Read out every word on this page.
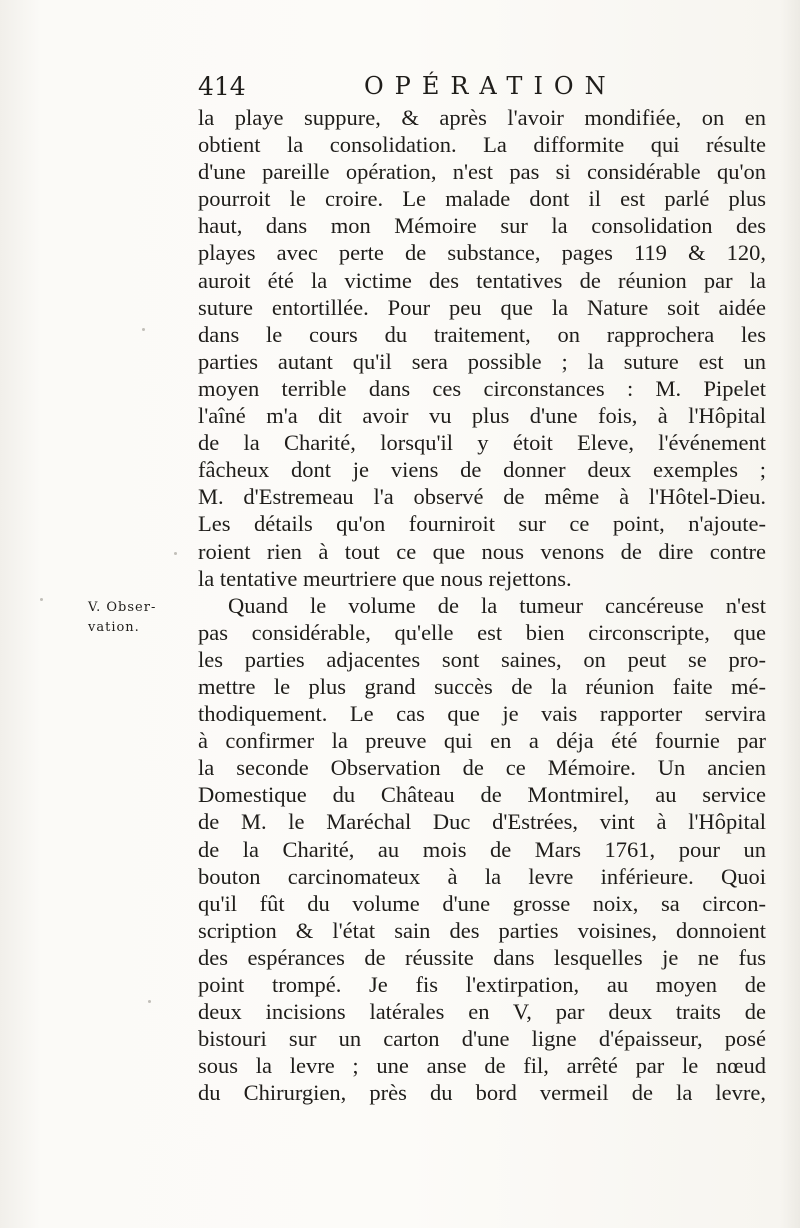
414	OPÉRATION
V. Obser-
vation.
la playe suppure, & après l'avoir mondifiée, on en
obtient la consolidation. La difformite qui résulte
d'une pareille opération, n'est pas si considérable qu'on
pourroit le croire. Le malade dont il est parlé plus
haut, dans mon Mémoire sur la consolidation des
playes avec perte de substance, pages 119 & 120,
auroit été la victime des tentatives de réunion par la
suture entortillée. Pour peu que la Nature soit aidée
dans le cours du traitement, on rapprochera les
parties autant qu'il sera possible ; la suture est un
moyen terrible dans ces circonstances : M. Pipelet
l'aîné m'a dit avoir vu plus d'une fois, à l'Hôpital
de la Charité, lorsqu'il y étoit Eleve, l'événement
fâcheux dont je viens de donner deux exemples ;
M. d'Estremeau l'a observé de même à l'Hôtel-Dieu.
Les détails qu'on fourniroit sur ce point, n'ajoute-
roient rien à tout ce que nous venons de dire contre
la tentative meurtriere que nous rejettons.
Quand le volume de la tumeur cancéreuse n'est
pas considérable, qu'elle est bien circonscripte, que
les parties adjacentes sont saines, on peut se pro-
mettre le plus grand succès de la réunion faite mé-
thodiquement. Le cas que je vais rapporter servira
à confirmer la preuve qui en a déja été fournie par
la seconde Observation de ce Mémoire. Un ancien
Domestique du Château de Montmirel, au service
de M. le Maréchal Duc d'Estrées, vint à l'Hôpital
de la Charité, au mois de Mars 1761, pour un
bouton carcinomateux à la levre inférieure. Quoi
qu'il fût du volume d'une grosse noix, sa circon-
scription & l'état sain des parties voisines, donnoient
des espérances de réussite dans lesquelles je ne fus
point trompé. Je fis l'extirpation, au moyen de
deux incisions latérales en V, par deux traits de
bistouri sur un carton d'une ligne d'épaisseur, posé
sous la levre ; une anse de fil, arrêté par le nœud
du Chirurgien, près du bord vermeil de la levre,
